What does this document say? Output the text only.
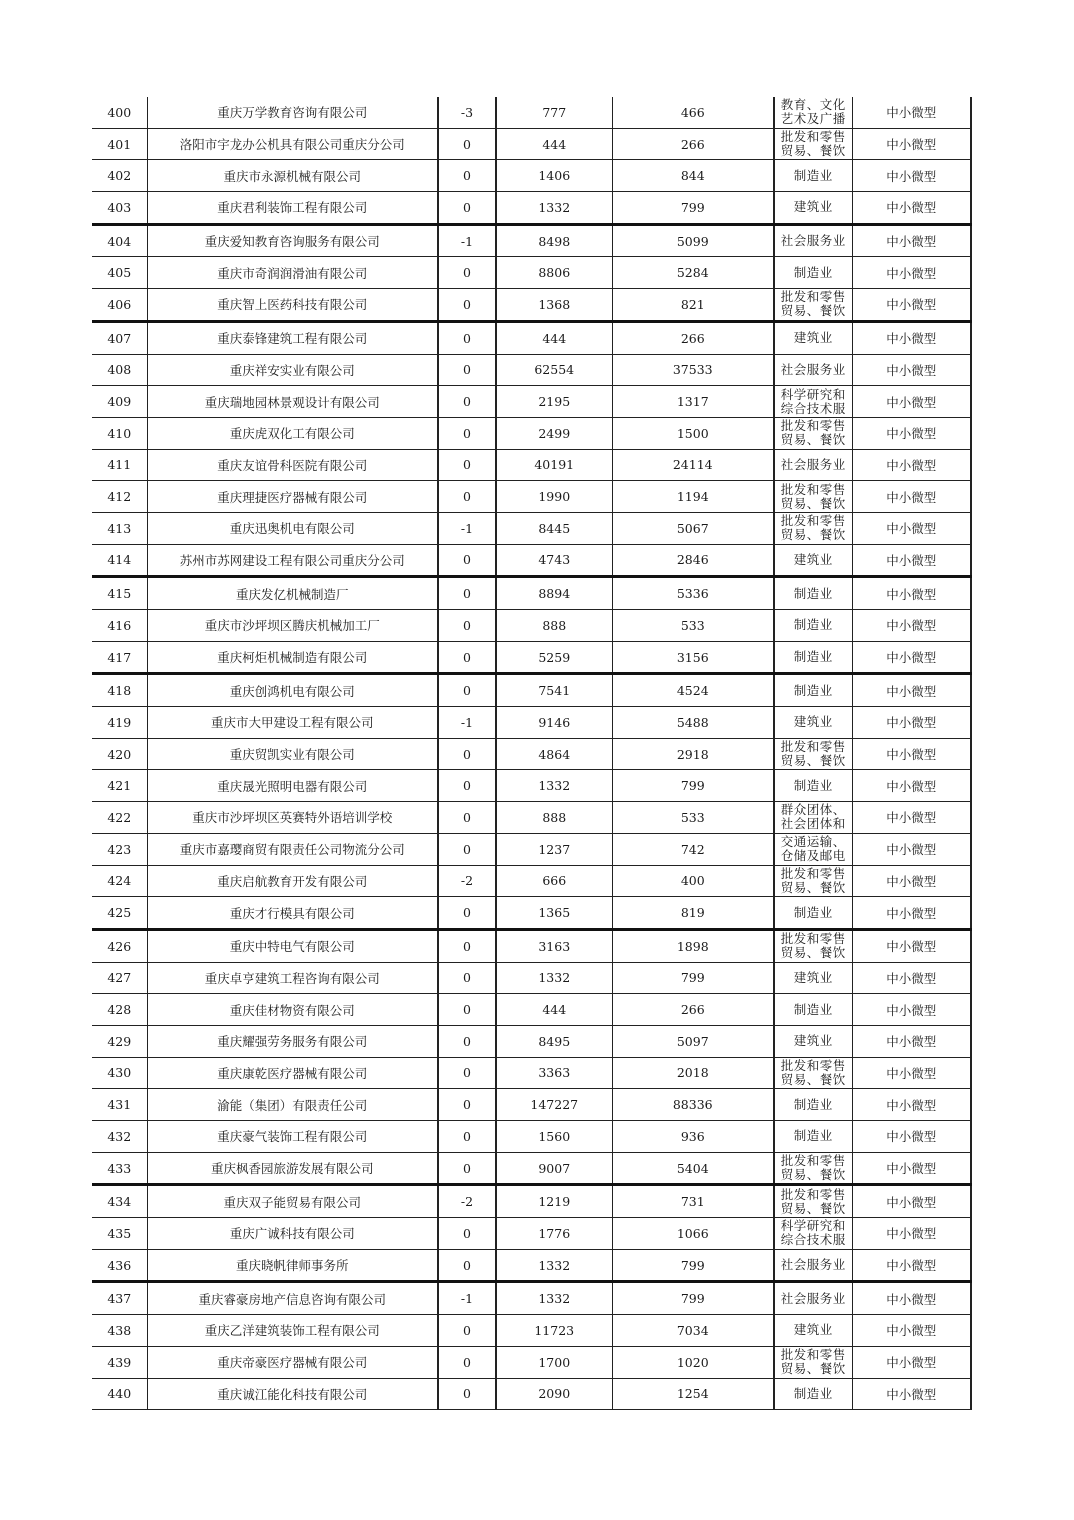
400	重庆万学教育咨询有限公司	-3	777	466	教育、文化艺术及广播	中小微型
401	洛阳市宇龙办公机具有限公司重庆分公司	0	444	266	批发和零售贸易、餐饮	中小微型
402	重庆市永源机械有限公司	0	1406	844	制造业	中小微型
403	重庆君利装饰工程有限公司	0	1332	799	建筑业	中小微型
404	重庆爱知教育咨询服务有限公司	-1	8498	5099	社会服务业	中小微型
405	重庆市奇润润滑油有限公司	0	8806	5284	制造业	中小微型
406	重庆智上医药科技有限公司	0	1368	821	批发和零售贸易、餐饮	中小微型
407	重庆泰锋建筑工程有限公司	0	444	266	建筑业	中小微型
408	重庆祥安实业有限公司	0	62554	37533	社会服务业	中小微型
409	重庆瑞地园林景观设计有限公司	0	2195	1317	科学研究和综合技术服	中小微型
410	重庆虎双化工有限公司	0	2499	1500	批发和零售贸易、餐饮	中小微型
411	重庆友谊骨科医院有限公司	0	40191	24114	社会服务业	中小微型
412	重庆理捷医疗器械有限公司	0	1990	1194	批发和零售贸易、餐饮	中小微型
413	重庆迅奥机电有限公司	-1	8445	5067	批发和零售贸易、餐饮	中小微型
414	苏州市苏网建设工程有限公司重庆分公司	0	4743	2846	建筑业	中小微型
415	重庆发亿机械制造厂	0	8894	5336	制造业	中小微型
416	重庆市沙坪坝区腾庆机械加工厂	0	888	533	制造业	中小微型
417	重庆柯炬机械制造有限公司	0	5259	3156	制造业	中小微型
418	重庆创鸿机电有限公司	0	7541	4524	制造业	中小微型
419	重庆市大甲建设工程有限公司	-1	9146	5488	建筑业	中小微型
420	重庆贸凯实业有限公司	0	4864	2918	批发和零售贸易、餐饮	中小微型
421	重庆晟光照明电器有限公司	0	1332	799	制造业	中小微型
422	重庆市沙坪坝区英赛特外语培训学校	0	888	533	群众团体、社会团体和	中小微型
423	重庆市嘉璎商贸有限责任公司物流分公司	0	1237	742	交通运输、仓储及邮电	中小微型
424	重庆启航教育开发有限公司	-2	666	400	批发和零售贸易、餐饮	中小微型
425	重庆才行模具有限公司	0	1365	819	制造业	中小微型
426	重庆中特电气有限公司	0	3163	1898	批发和零售贸易、餐饮	中小微型
427	重庆卓亨建筑工程咨询有限公司	0	1332	799	建筑业	中小微型
428	重庆佳材物资有限公司	0	444	266	制造业	中小微型
429	重庆耀强劳务服务有限公司	0	8495	5097	建筑业	中小微型
430	重庆康乾医疗器械有限公司	0	3363	2018	批发和零售贸易、餐饮	中小微型
431	渝能（集团）有限责任公司	0	147227	88336	制造业	中小微型
432	重庆豪气装饰工程有限公司	0	1560	936	制造业	中小微型
433	重庆枫香园旅游发展有限公司	0	9007	5404	批发和零售贸易、餐饮	中小微型
434	重庆双子能贸易有限公司	-2	1219	731	批发和零售贸易、餐饮	中小微型
435	重庆广诚科技有限公司	0	1776	1066	科学研究和综合技术服	中小微型
436	重庆晓帆律师事务所	0	1332	799	社会服务业	中小微型
437	重庆睿豪房地产信息咨询有限公司	-1	1332	799	社会服务业	中小微型
438	重庆乙洋建筑装饰工程有限公司	0	11723	7034	建筑业	中小微型
439	重庆帝豪医疗器械有限公司	0	1700	1020	批发和零售贸易、餐饮	中小微型
440	重庆诚江能化科技有限公司	0	2090	1254	制造业	中小微型
